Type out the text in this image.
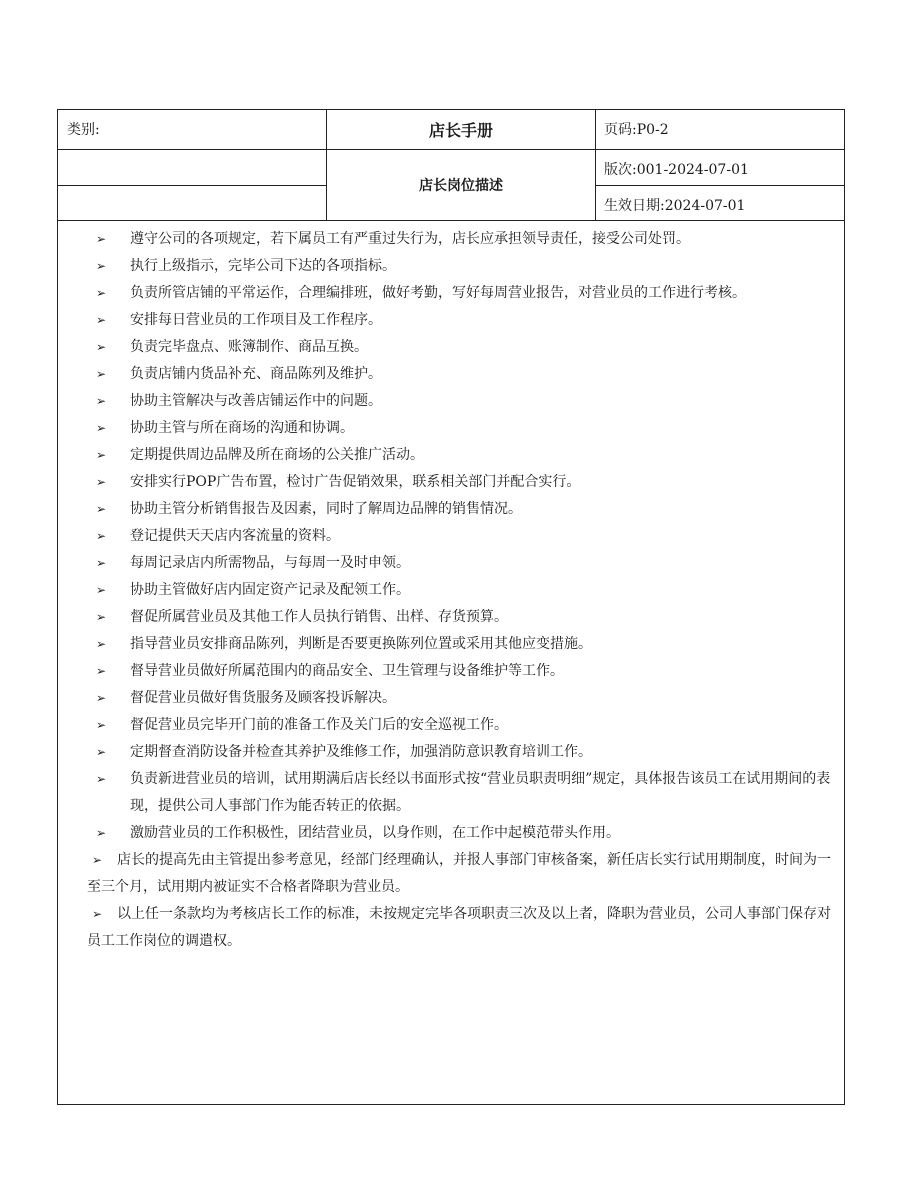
类别:	店长手册	页码:P0-2
店长岗位描述
版次:001-2024-07-01
生效日期:2024-07-01
➢ 遵守公司的各项规定，若下属员工有严重过失行为，店长应承担领导责任，接受公司处罚。
➢ 执行上级指示，完毕公司下达的各项指标。
➢ 负责所管店铺的平常运作，合理编排班，做好考勤，写好每周营业报告，对营业员的工作进行考核。
➢ 安排每日营业员的工作项目及工作程序。
➢ 负责完毕盘点、账簿制作、商品互换。
➢ 负责店铺内货品补充、商品陈列及维护。
➢ 协助主管解决与改善店铺运作中的问题。
➢ 协助主管与所在商场的沟通和协调。
➢ 定期提供周边品牌及所在商场的公关推广活动。
➢ 安排实行POP广告布置，检讨广告促销效果，联系相关部门并配合实行。
➢ 协助主管分析销售报告及因素，同时了解周边品牌的销售情况。
➢ 登记提供天天店内客流量的资料。
➢ 每周记录店内所需物品，与每周一及时申领。
➢ 协助主管做好店内固定资产记录及配领工作。
➢ 督促所属营业员及其他工作人员执行销售、出样、存货预算。
➢ 指导营业员安排商品陈列，判断是否要更换陈列位置或采用其他应变措施。
➢ 督导营业员做好所属范围内的商品安全、卫生管理与设备维护等工作。
➢ 督促营业员做好售货服务及顾客投诉解决。
➢ 督促营业员完毕开门前的准备工作及关门后的安全巡视工作。
➢ 定期督查消防设备并检查其养护及维修工作，加强消防意识教育培训工作。
➢ 负责新进营业员的培训，试用期满后店长经以书面形式按“营业员职责明细”规定，具体报告该员工在试用期间的表现，提供公司人事部门作为能否转正的依据。
➢ 激励营业员的工作积极性，团结营业员，以身作则，在工作中起模范带头作用。
➢ 店长的提高先由主管提出参考意见，经部门经理确认，并报人事部门审核备案，新任店长实行试用期制度，时间为一至三个月，试用期内被证实不合格者降职为营业员。
➢ 以上任一条款均为考核店长工作的标准，未按规定完毕各项职责三次及以上者，降职为营业员，公司人事部门保存对员工工作岗位的调遣权。
